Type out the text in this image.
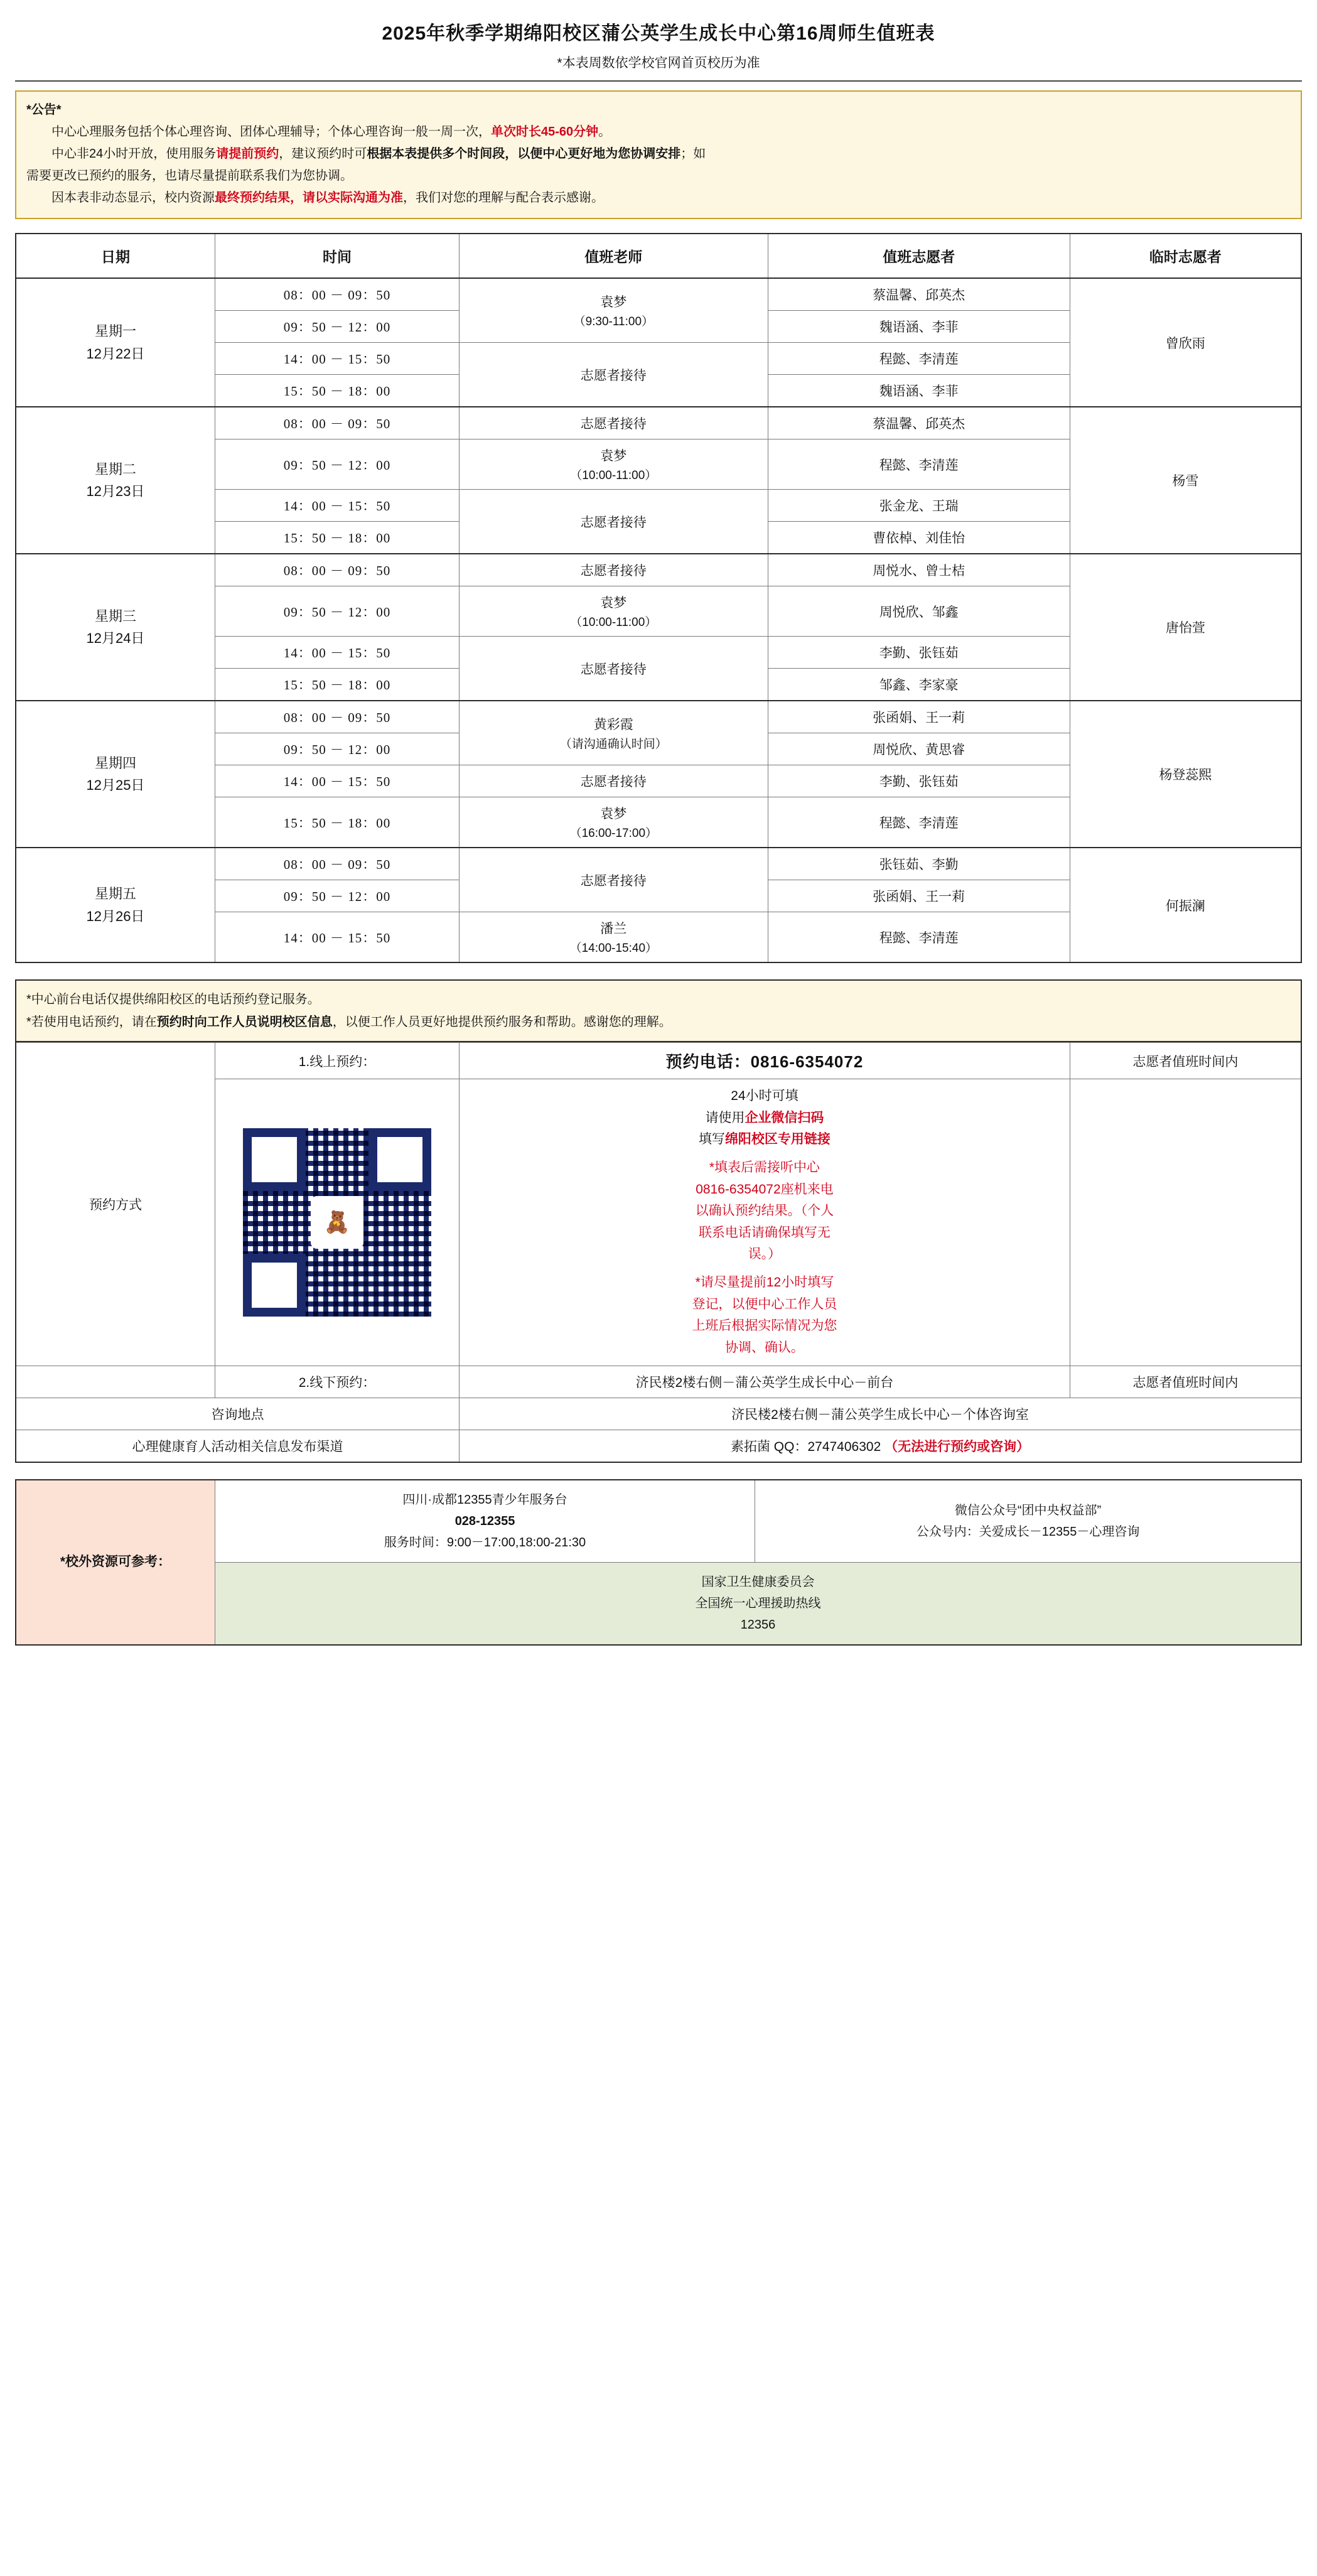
2025年秋季学期绵阳校区蒲公英学生成长中心第16周师生值班表
*本表周数依学校官网首页校历为准
*公告*

中心心理服务包括个体心理咨询、团体心理辅导；个体心理咨询一般一周一次，单次时长45-60分钟。

中心非24小时开放，使用服务请提前预约，建议预约时可根据本表提供多个时间段，以便中心更好地为您协调安排；如

需要更改已预约的服务，也请尽量提前联系我们为您协调。

因本表非动态显示，校内资源最终预约结果，请以实际沟通为准，我们对您的理解与配合表示感谢。

日期	时间	值班老师	值班志愿者	临时志愿者

星期一
12月22日
	08：00 － 09：50	袁梦
（9:30-11:00）
	蔡温馨、邱英杰	曾欣雨
	09：50 － 12：00		魏语涵、李菲	
	14：00 － 15：50	志愿者接待	程懿、李清莲	
	15：50 － 18：00		魏语涵、李菲	

星期二
12月23日	08：00 － 09：50	志愿者接待	蔡温馨、邱英杰	杨雪
	09：50 － 12：00	袁梦
（10:00-11:00）	程懿、李清莲	
	14：00 － 15：50	志愿者接待	张金龙、王瑞	
	15：50 － 18：00		曹依棹、刘佳怡	

星期三
12月24日	08：00 － 09：50	志愿者接待	周悦水、曾士桔	唐怡萱
	09：50 － 12：00	袁梦
（10:00-11:00）	周悦欣、邹鑫	
	14：00 － 15：50	志愿者接待	李勤、张钰茹	
	15：50 － 18：00		邹鑫、李家豪	

星期四
12月25日
	08：00 － 09：50	黄彩霞
（请沟通确认时间）
	张函娟、王一莉	杨登蕊熙
	09：50 － 12：00		周悦欣、黄思睿	
	14：00 － 15：50	志愿者接待	李勤、张钰茹	
	15：50 － 18：00	袁梦
（16:00-17:00）	程懿、李清莲	

星期五
12月26日	08：00 － 09：50	志愿者接待	张钰茹、李勤	何振澜
	09：50 － 12：00		张函娟、王一莉	
	14：00 － 15：50	潘兰
（14:00-15:40）	程懿、李清莲	

*中心前台电话仅提供绵阳校区的电话预约登记服务。

*若使用电话预约，请在预约时向工作人员说明校区信息，以便工作人员更好地提供预约服务和帮助。感谢您的理解。

预约方式	1.线上预约：	预约电话：0816-6354072	志愿者值班时间内

🧸

24小时可填
请使用企业微信扫码
填写绵阳校区专用链接
*填表后需接听中心
0816-6354072座机来电
以确认预约结果。（个人
联系电话请确保填写无
误。）
*请尽量提前12小时填写
登记，以便中心工作人员
上班后根据实际情况为您
协调、确认。

	2.线下预约：	济民楼2楼右侧－蒲公英学生成长中心－前台	志愿者值班时间内
咨询地点		济民楼2楼右侧－蒲公英学生成长中心－个体咨询室	
心理健康育人活动相关信息发布渠道		素拓菌 QQ：2747406302 （无法进行预约或咨询）	
*校外资源可参考：	
四川·成都12355青少年服务台
028-12355
服务时间：9:00－17:00,18:00-21:30

微信公众号“团中央权益部”
公众号内：关爱成长－12355－心理咨询

国家卫生健康委员会
全国统一心理援助热线
12356
